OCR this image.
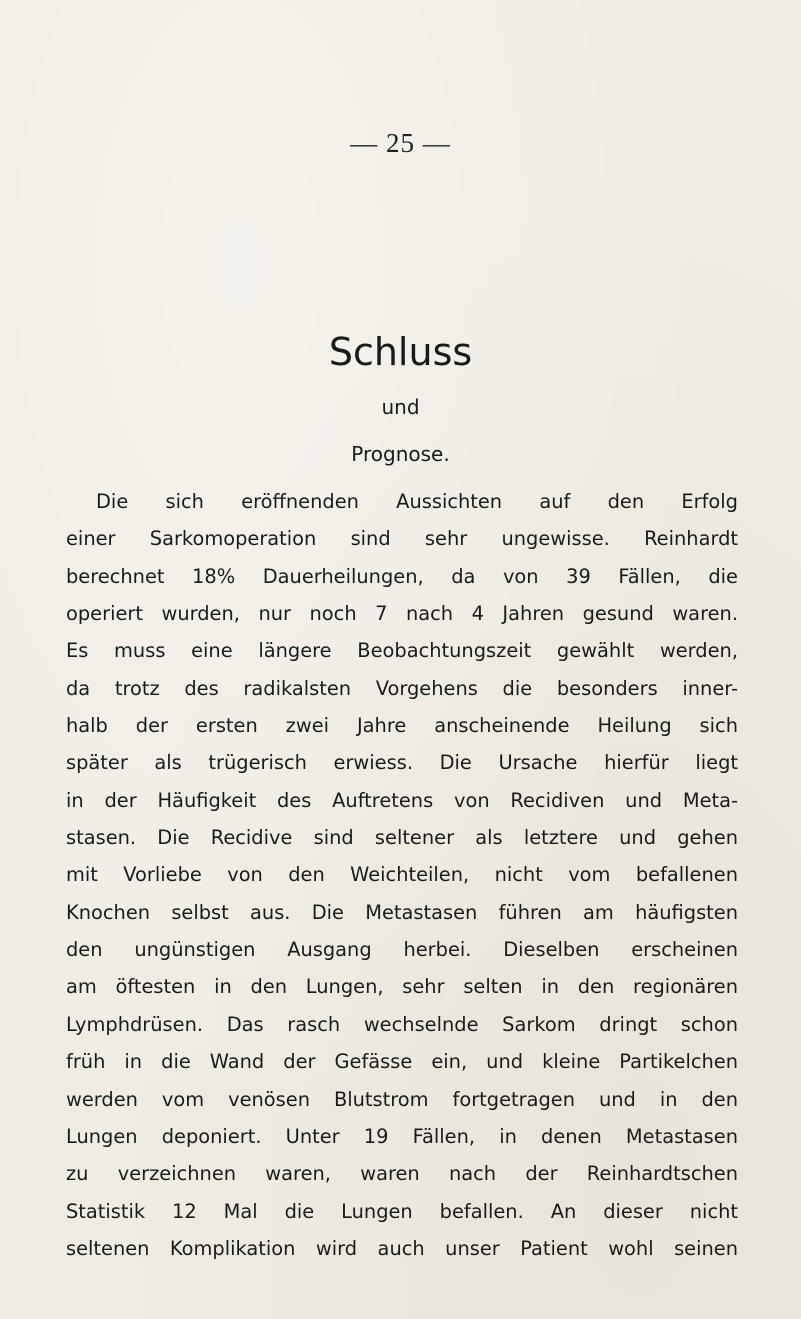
— 25 —
Schluss
und
Prognose.
Die sich eröffnenden Aussichten auf den Erfolg
einer Sarkomoperation sind sehr ungewisse. Reinhardt
berechnet 18% Dauerheilungen, da von 39 Fällen, die
operiert wurden, nur noch 7 nach 4 Jahren gesund waren.
Es muss eine längere Beobachtungszeit gewählt werden,
da trotz des radikalsten Vorgehens die besonders inner-
halb der ersten zwei Jahre anscheinende Heilung sich
später als trügerisch erwiess. Die Ursache hierfür liegt
in der Häufigkeit des Auftretens von Recidiven und Meta-
stasen. Die Recidive sind seltener als letztere und gehen
mit Vorliebe von den Weichteilen, nicht vom befallenen
Knochen selbst aus. Die Metastasen führen am häufigsten
den ungünstigen Ausgang herbei. Dieselben erscheinen
am öftesten in den Lungen, sehr selten in den regionären
Lymphdrüsen. Das rasch wechselnde Sarkom dringt schon
früh in die Wand der Gefässe ein, und kleine Partikelchen
werden vom venösen Blutstrom fortgetragen und in den
Lungen deponiert. Unter 19 Fällen, in denen Metastasen
zu verzeichnen waren, waren nach der Reinhardtschen
Statistik 12 Mal die Lungen befallen. An dieser nicht
seltenen Komplikation wird auch unser Patient wohl seinen
